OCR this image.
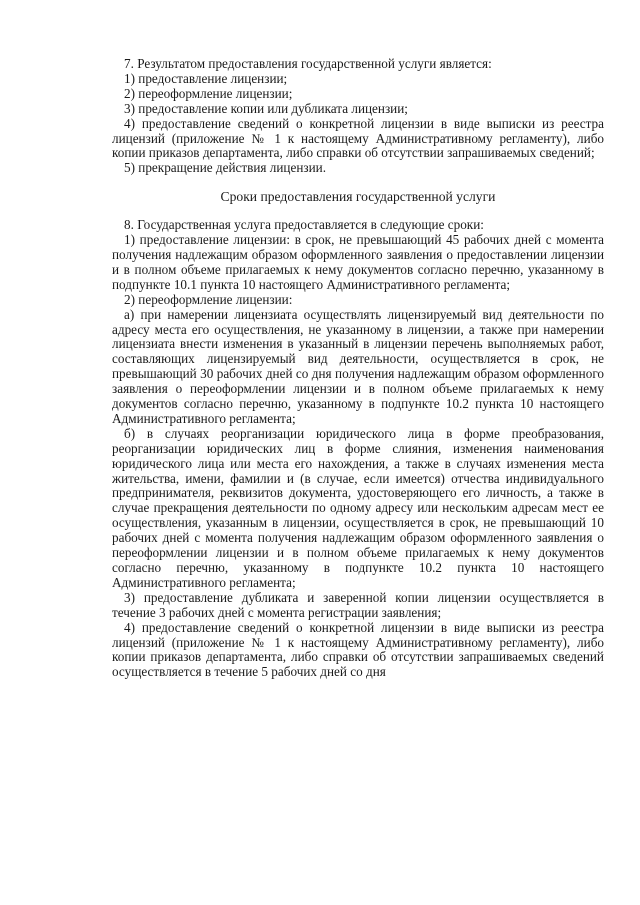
7. Результатом предоставления государственной услуги является:

1) предоставление лицензии;

2) переоформление лицензии;

3) предоставление копии или дубликата лицензии;

4) предоставление сведений о конкретной лицензии в виде выписки из реестра лицензий (приложение № 1 к настоящему Административному регламенту), либо копии приказов департамента, либо справки об отсутствии запрашиваемых сведений;

5) прекращение действия лицензии.

Сроки предоставления государственной услуги

8. Государственная услуга предоставляется в следующие сроки:

1) предоставление лицензии: в срок, не превышающий 45 рабочих дней с момента получения надлежащим образом оформленного заявления о предоставлении лицензии и в полном объеме прилагаемых к нему документов согласно перечню, указанному в подпункте 10.1 пункта 10 настоящего Административного регламента;

2) переоформление лицензии:

а) при намерении лицензиата осуществлять лицензируемый вид деятельности по адресу места его осуществления, не указанному в лицензии, а также при намерении лицензиата внести изменения в указанный в лицензии перечень выполняемых работ, составляющих лицензируемый вид деятельности, осуществляется в срок, не превышающий 30 рабочих дней со дня получения надлежащим образом оформленного заявления о переоформлении лицензии и в полном объеме прилагаемых к нему документов согласно перечню, указанному в подпункте 10.2 пункта 10 настоящего Административного регламента;

б) в случаях реорганизации юридического лица в форме преобразования, реорганизации юридических лиц в форме слияния, изменения наименования юридического лица или места его нахождения, а также в случаях изменения места жительства, имени, фамилии и (в случае, если имеется) отчества индивидуального предпринимателя, реквизитов документа, удостоверяющего его личность, а также в случае прекращения деятельности по одному адресу или нескольким адресам мест ее осуществления, указанным в лицензии, осуществляется в срок, не превышающий 10 рабочих дней с момента получения надлежащим образом оформленного заявления о переоформлении лицензии и в полном объеме прилагаемых к нему документов согласно перечню, указанному в подпункте 10.2 пункта 10 настоящего Административного регламента;

3) предоставление дубликата и заверенной копии лицензии осуществляется в течение 3 рабочих дней с момента регистрации заявления;

4) предоставление сведений о конкретной лицензии в виде выписки из реестра лицензий (приложение № 1 к настоящему Административному регламенту), либо копии приказов департамента, либо справки об отсутствии запрашиваемых сведений осуществляется в течение 5 рабочих дней со дня
